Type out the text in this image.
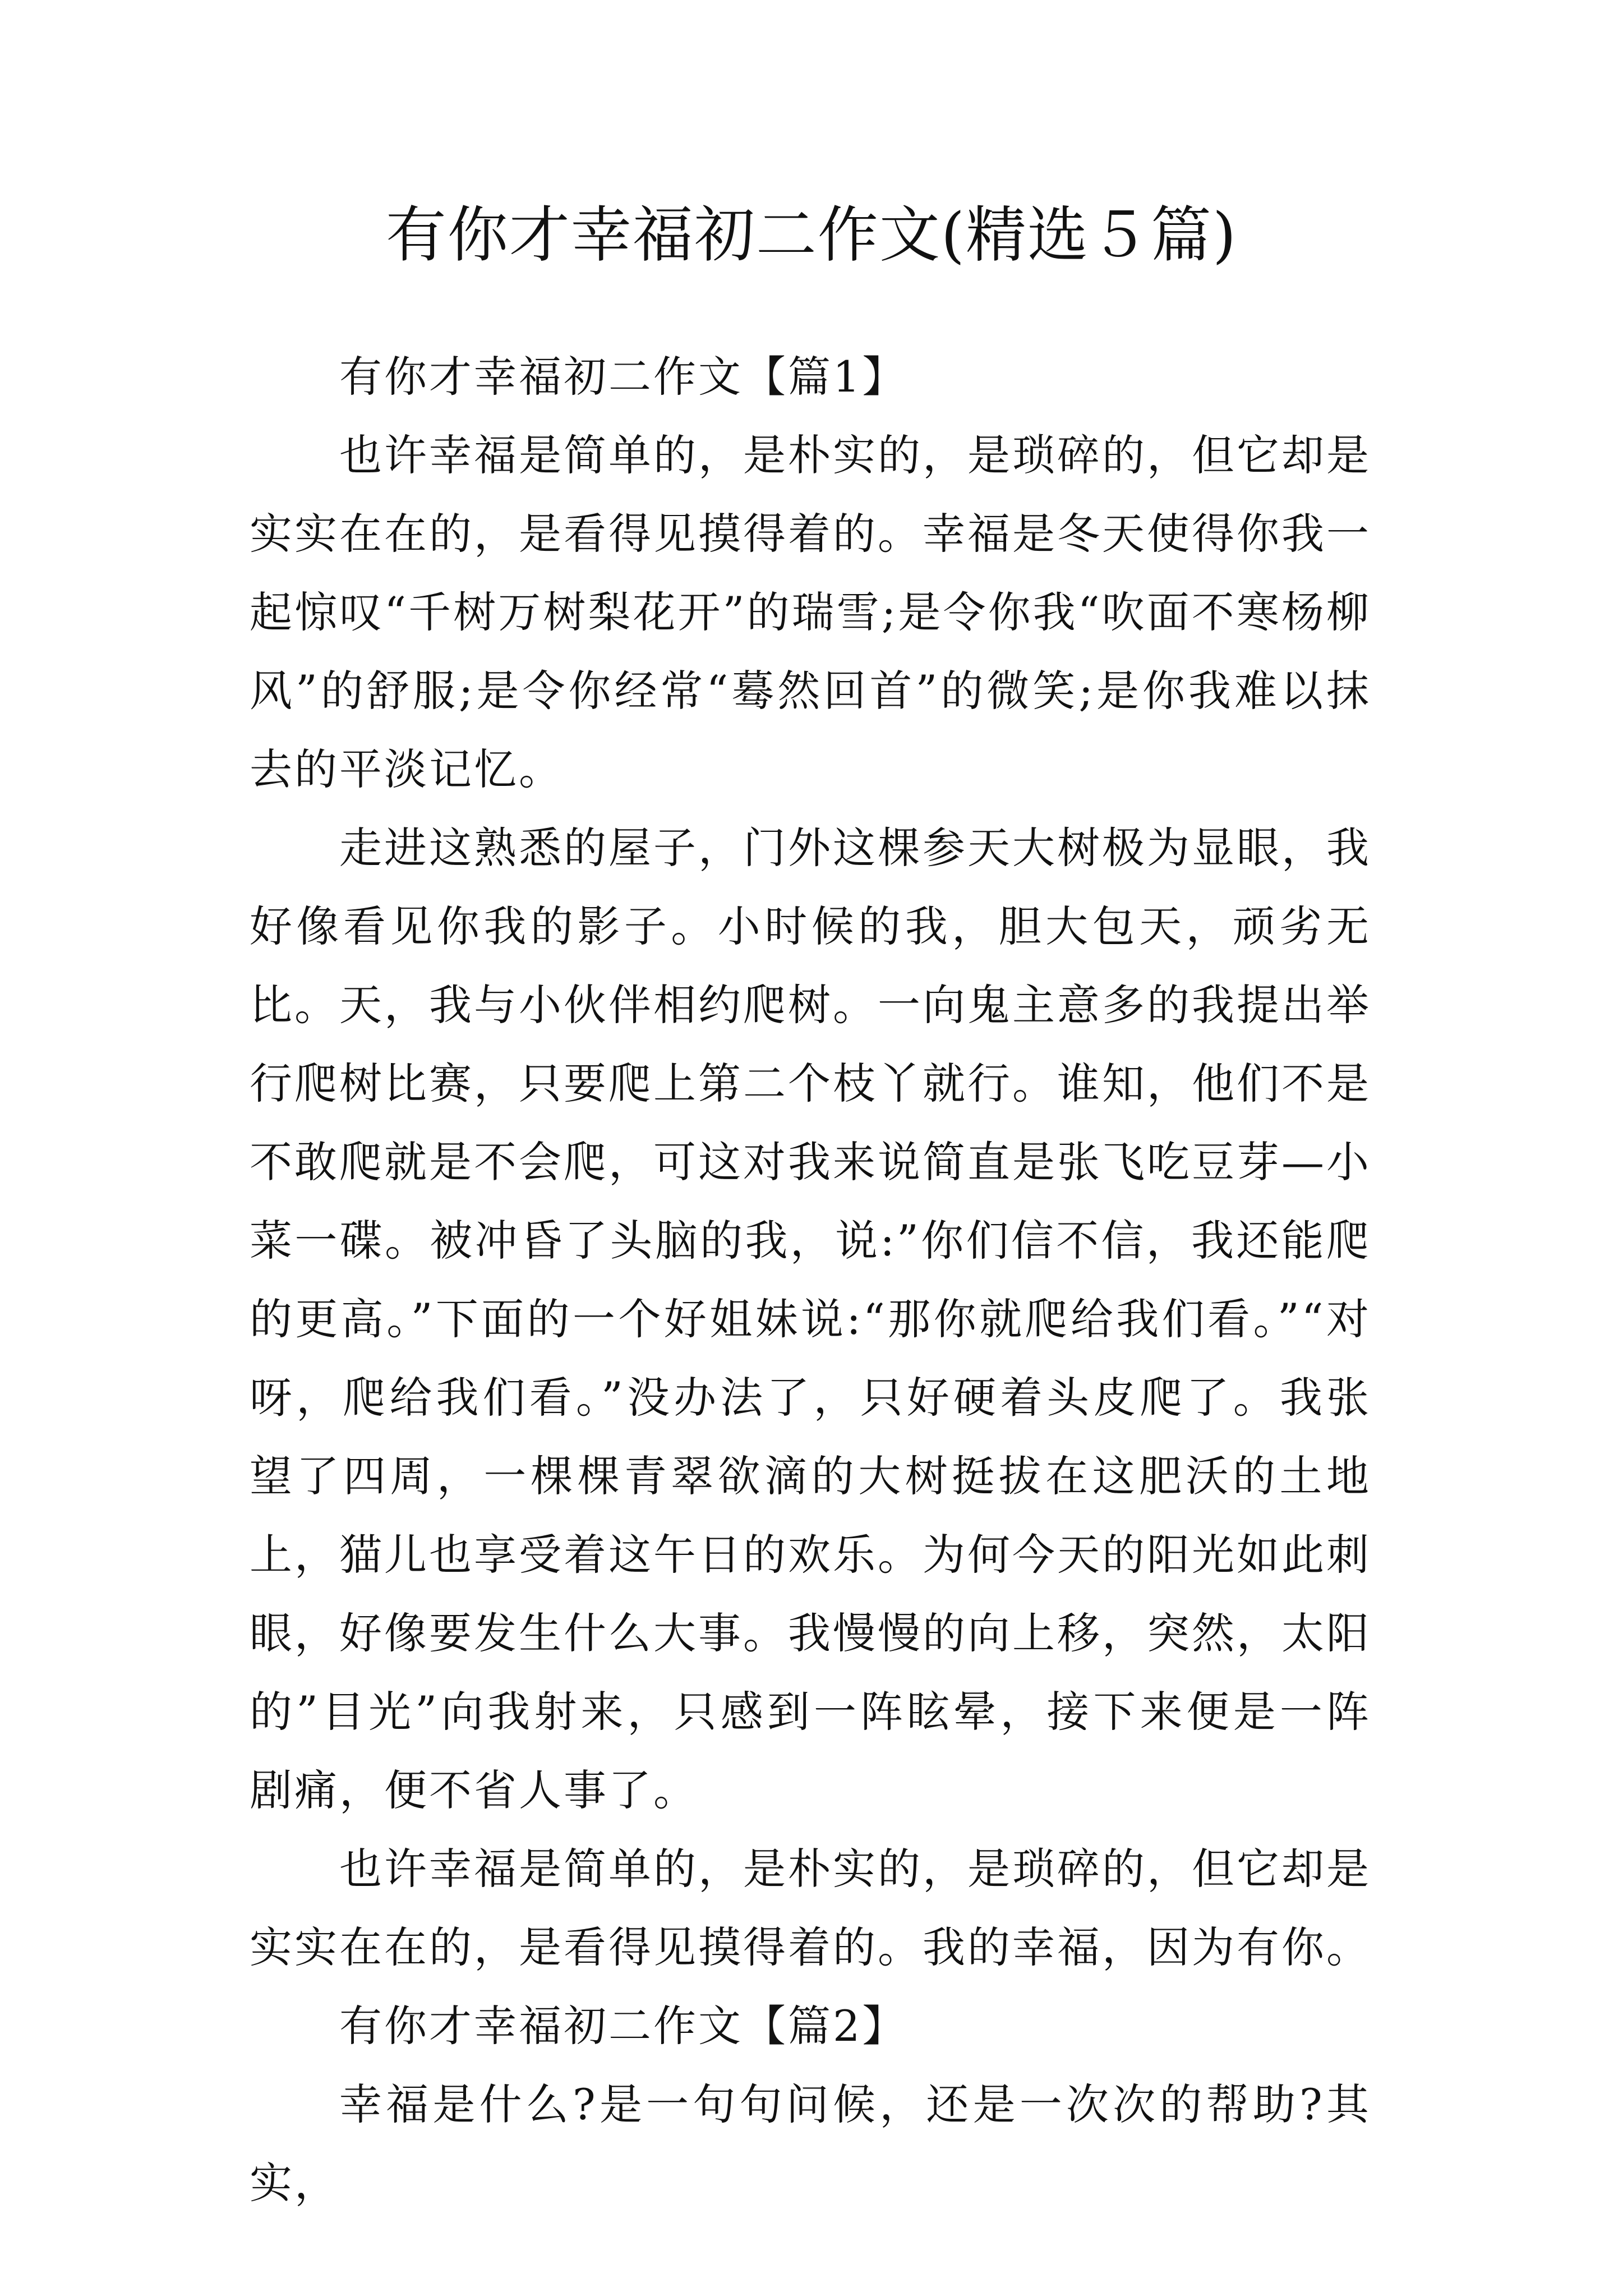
有你才幸福初二作文(精选５篇)

有你才幸福初二作文【篇1】

也许幸福是简单的，是朴实的，是琐碎的，但它却是实实在在的，是看得见摸得着的。幸福是冬天使得你我一起惊叹“千树万树梨花开”的瑞雪;是令你我“吹面不寒杨柳风”的舒服;是令你经常“蓦然回首”的微笑;是你我难以抹去的平淡记忆。

走进这熟悉的屋子，门外这棵参天大树极为显眼，我好像看见你我的影子。小时候的我，胆大包天，顽劣无比。天，我与小伙伴相约爬树。一向鬼主意多的我提出举行爬树比赛，只要爬上第二个枝丫就行。谁知，他们不是不敢爬就是不会爬，可这对我来说简直是张飞吃豆芽—小菜一碟。被冲昏了头脑的我，说:”你们信不信，我还能爬的更高。”下面的一个好姐妹说:“那你就爬给我们看。”“对呀，爬给我们看。”没办法了，只好硬着头皮爬了。我张望了四周，一棵棵青翠欲滴的大树挺拔在这肥沃的土地上，猫儿也享受着这午日的欢乐。为何今天的阳光如此刺眼，好像要发生什么大事。我慢慢的向上移，突然，太阳的”目光”向我射来，只感到一阵眩晕，接下来便是一阵剧痛，便不省人事了。

也许幸福是简单的，是朴实的，是琐碎的，但它却是实实在在的，是看得见摸得着的。我的幸福，因为有你。

有你才幸福初二作文【篇2】

幸福是什么?是一句句问候，还是一次次的帮助?其实，
